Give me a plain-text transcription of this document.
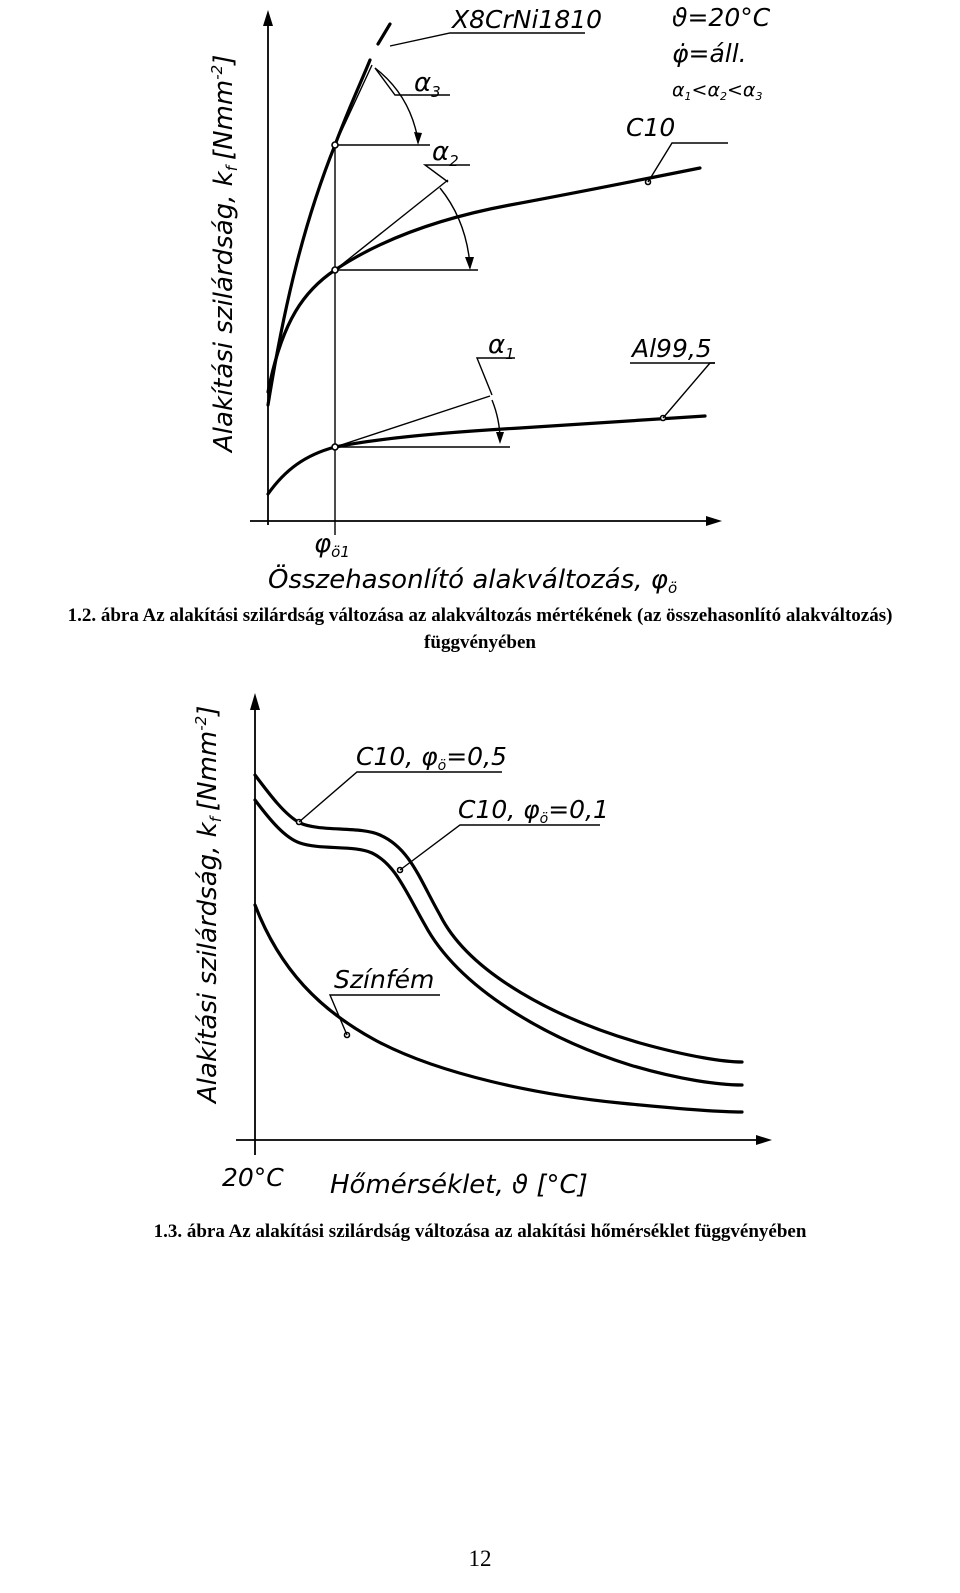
X8CrNi1810
C10
Al99,5
$\alpha_3$
$\alpha_2$
$\alpha_1$
ϑ=20°C
φ̇=áll.
$\alpha_1<\alpha_2<\alpha_3$
φö1
Összehasonlító alakváltozás, φö
Alakítási szilárdság, kf[Nmm$^{-2}$]
1.2. ábra Az alakítási szilárdság változása az alakváltozás mértékének (az összehasonlító alakváltozás)
függvényében
C10, $\varphi_ö=0,5$
C10, $\varphi_ö=0,1$
Színfém
20°C Hőmérséklet, ϑ [°C]
Alakítási szilárdság, kf[Nmm$^{-2}$]
1.3. ábra Az alakítási szilárdság változása az alakítási hőmérséklet függvényében
12
